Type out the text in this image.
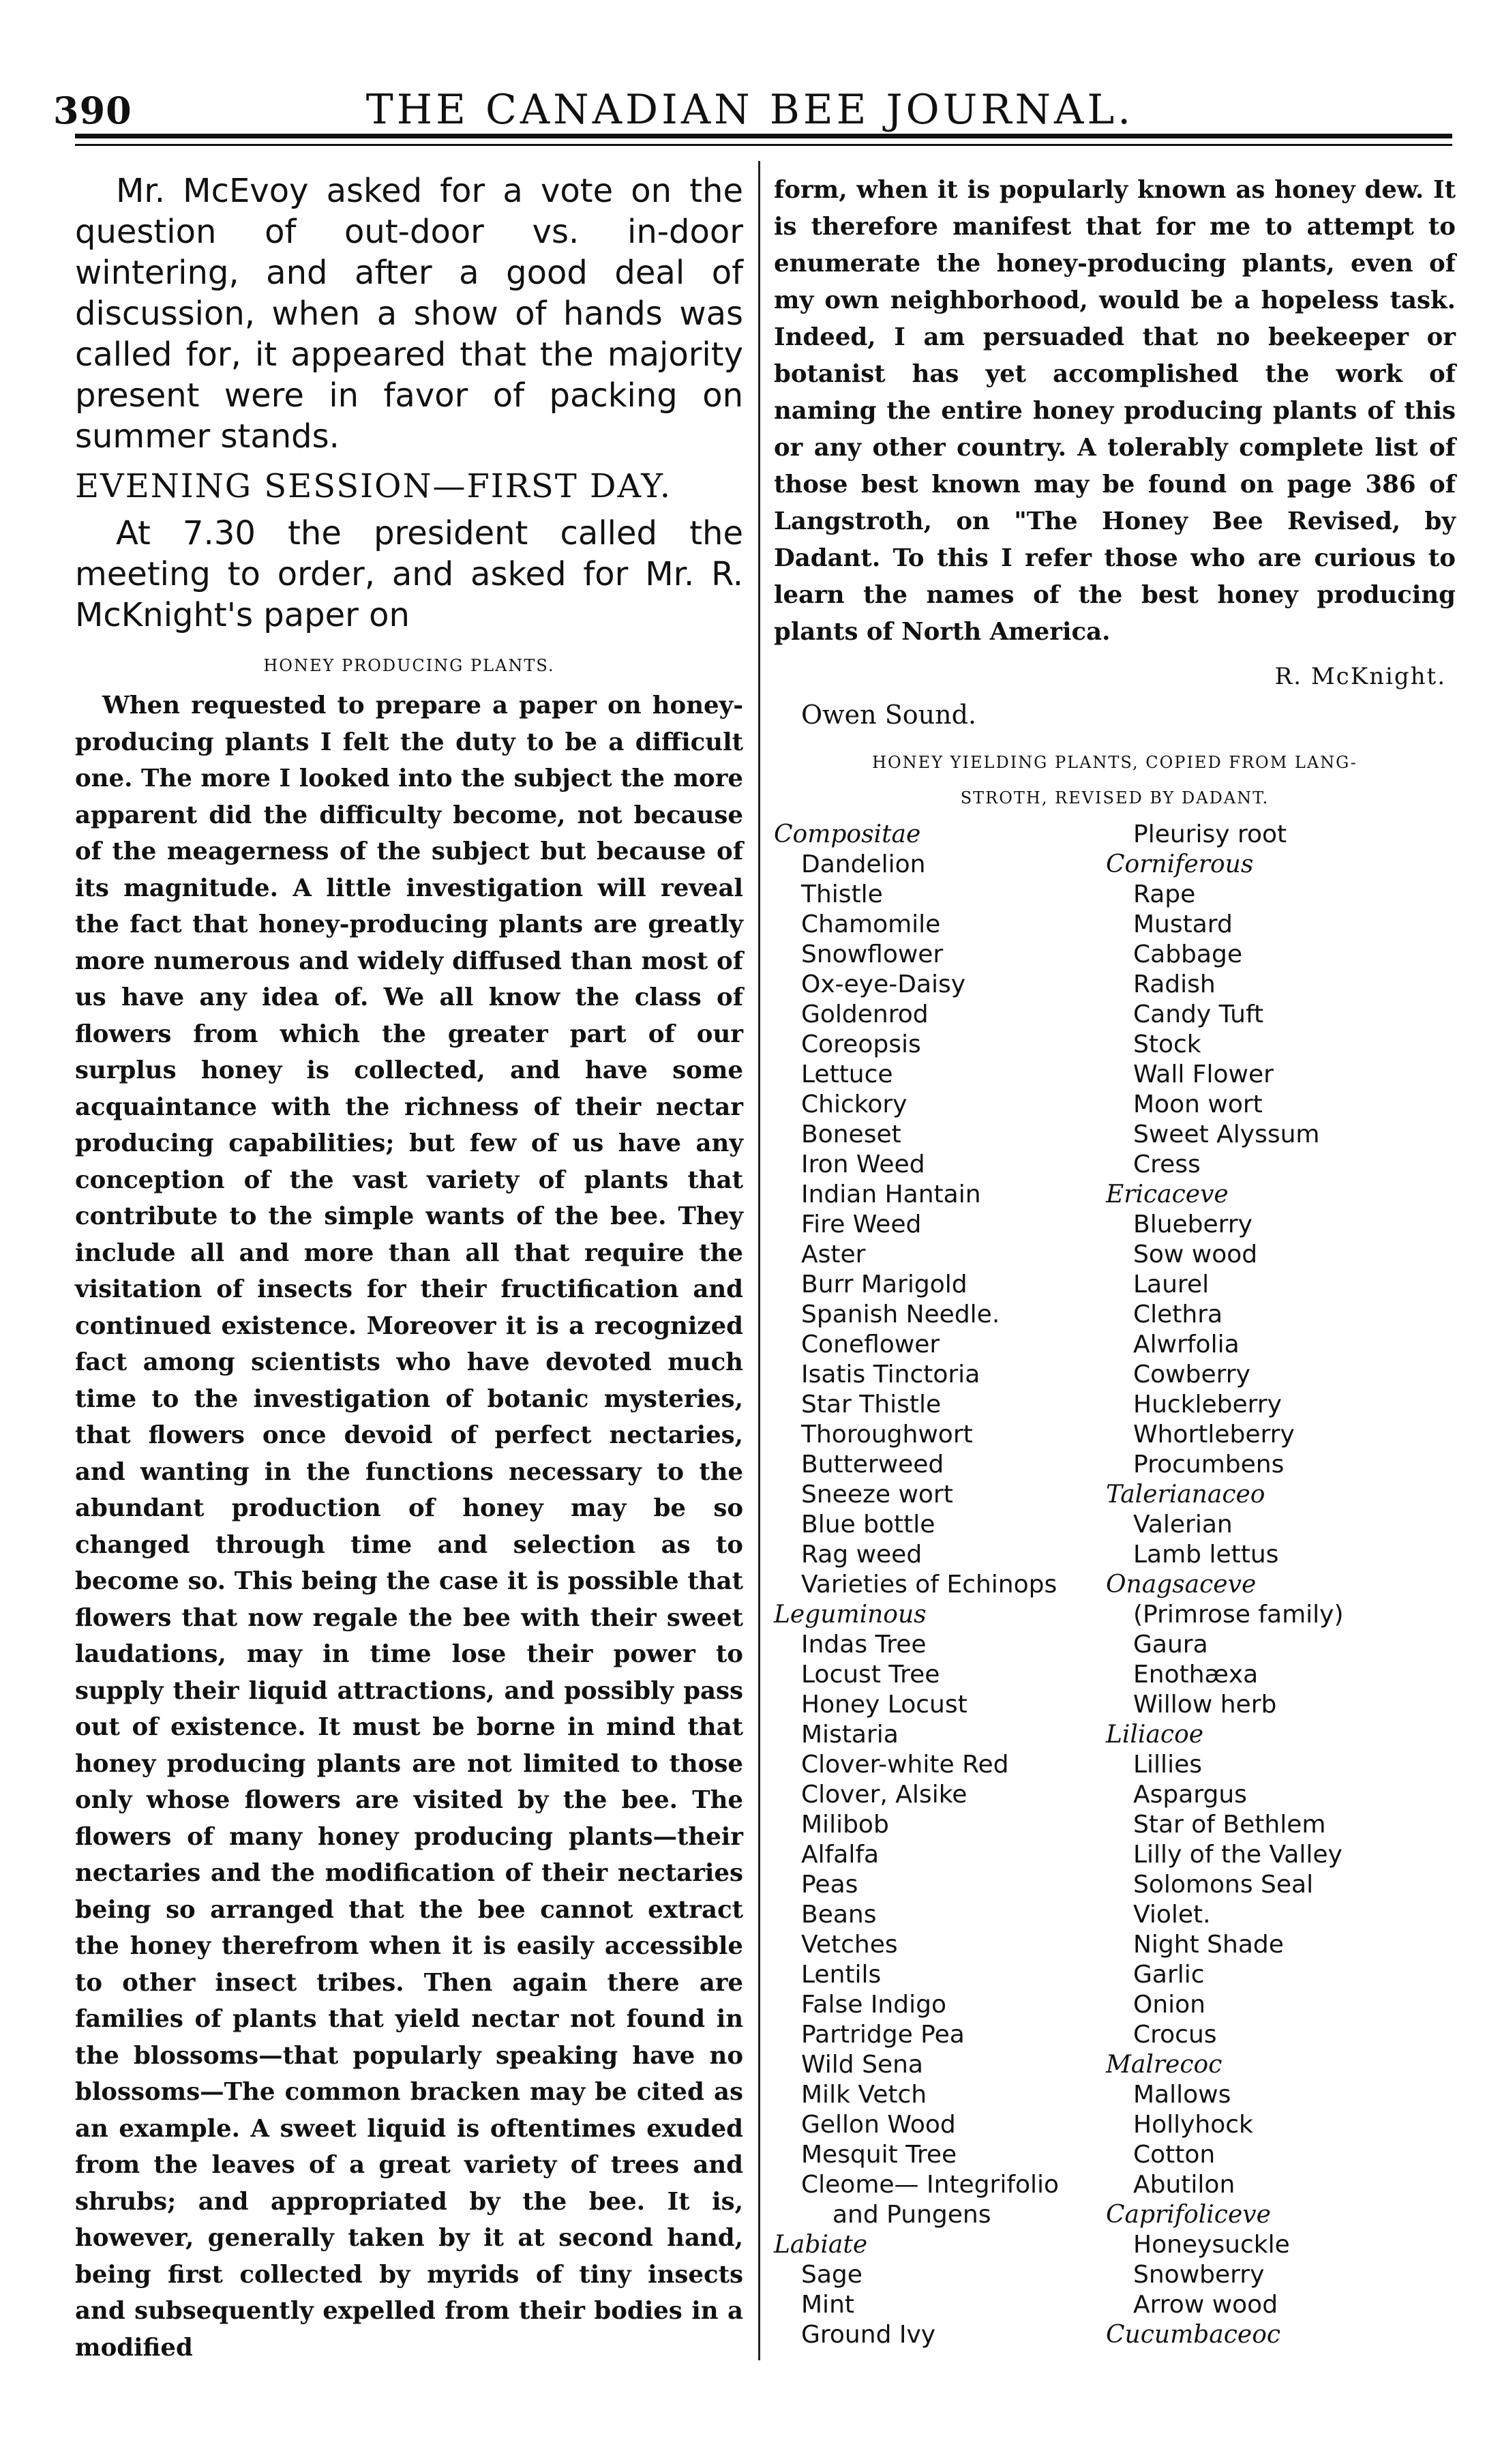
390	THE CANADIAN BEE JOURNAL.

Mr. McEvoy asked for a vote on the question of out-door vs. in-door wintering, and after a good deal of discussion, when a show of hands was called for, it appeared that the majority present were in favor of packing on summer stands.

EVENING SESSION—FIRST DAY.

At 7.30 the president called the meeting to order, and asked for Mr. R. McKnight's paper on

HONEY PRODUCING PLANTS.

When requested to prepare a paper on honey-producing plants I felt the duty to be a difficult one. The more I looked into the subject the more apparent did the difficulty become, not because of the meagerness of the subject but because of its magnitude. A little investigation will reveal the fact that honey-producing plants are greatly more numerous and widely diffused than most of us have any idea of. We all know the class of flowers from which the greater part of our surplus honey is collected, and have some acquaintance with the richness of their nectar producing capabilities; but few of us have any conception of the vast variety of plants that contribute to the simple wants of the bee. They include all and more than all that require the visitation of insects for their fructification and continued existence. Moreover it is a recognized fact among scientists who have devoted much time to the investigation of botanic mysteries, that flowers once devoid of perfect nectaries, and wanting in the functions necessary to the abundant production of honey may be so changed through time and selection as to become so. This being the case it is possible that flowers that now regale the bee with their sweet laudations, may in time lose their power to supply their liquid attractions, and possibly pass out of existence. It must be borne in mind that honey producing plants are not limited to those only whose flowers are visited by the bee. The flowers of many honey producing plants—their nectaries and the modification of their nectaries being so arranged that the bee cannot extract the honey therefrom when it is easily accessible to other insect tribes. Then again there are families of plants that yield nectar not found in the blossoms—that popularly speaking have no blossoms—The common bracken may be cited as an example. A sweet liquid is oftentimes exuded from the leaves of a great variety of trees and shrubs; and appropriated by the bee. It is, however, generally taken by it at second hand, being first collected by myrids of tiny insects and subsequently expelled from their bodies in a modified

form, when it is popularly known as honey dew. It is therefore manifest that for me to attempt to enumerate the honey-producing plants, even of my own neighborhood, would be a hopeless task. Indeed, I am persuaded that no beekeeper or botanist has yet accomplished the work of naming the entire honey producing plants of this or any other country. A tolerably complete list of those best known may be found on page 386 of Langstroth, on "The Honey Bee Revised, by Dadant. To this I refer those who are curious to learn the names of the best honey producing plants of North America.

R. McKnight.
Owen Sound.
HONEY YIELDING PLANTS, COPIED FROM LANG-
STROTH, REVISED BY DADANT.

Compositae

Dandelion

Thistle

Chamomile

Snowflower

Ox-eye-Daisy

Goldenrod

Coreopsis

Lettuce

Chickory

Boneset

Iron Weed

Indian Hantain

Fire Weed

Aster

Burr Marigold

Spanish Needle.

Coneflower

Isatis Tinctoria

Star Thistle

Thoroughwort

Butterweed

Sneeze wort

Blue bottle

Rag weed

Varieties of Echinops

Leguminous

Indas Tree

Locust Tree

Honey Locust

Mistaria

Clover-white Red

Clover, Alsike

Milibob

Alfalfa

Peas

Beans

Vetches

Lentils

False Indigo

Partridge Pea

Wild Sena

Milk Vetch

Gellon Wood

Mesquit Tree

Cleome— Integrifolio

and Pungens

Labiate

Sage

Mint

Ground Ivy

Pleurisy root

Corniferous

Rape

Mustard

Cabbage

Radish

Candy Tuft

Stock

Wall Flower

Moon wort

Sweet Alyssum

Cress

Ericaceve

Blueberry

Sow wood

Laurel

Clethra

Alwrfolia

Cowberry

Huckleberry

Whortleberry

Procumbens

Talerianaceo

Valerian

Lamb lettus

Onagsaceve

(Primrose family)

Gaura

Enothæxa

Willow herb

Liliacoe

Lillies

Aspargus

Star of Bethlem

Lilly of the Valley

Solomons Seal

Violet.

Night Shade

Garlic

Onion

Crocus

Malrecoc

Mallows

Hollyhock

Cotton

Abutilon

Caprifoliceve

Honeysuckle

Snowberry

Arrow wood

Cucumbaceoc
